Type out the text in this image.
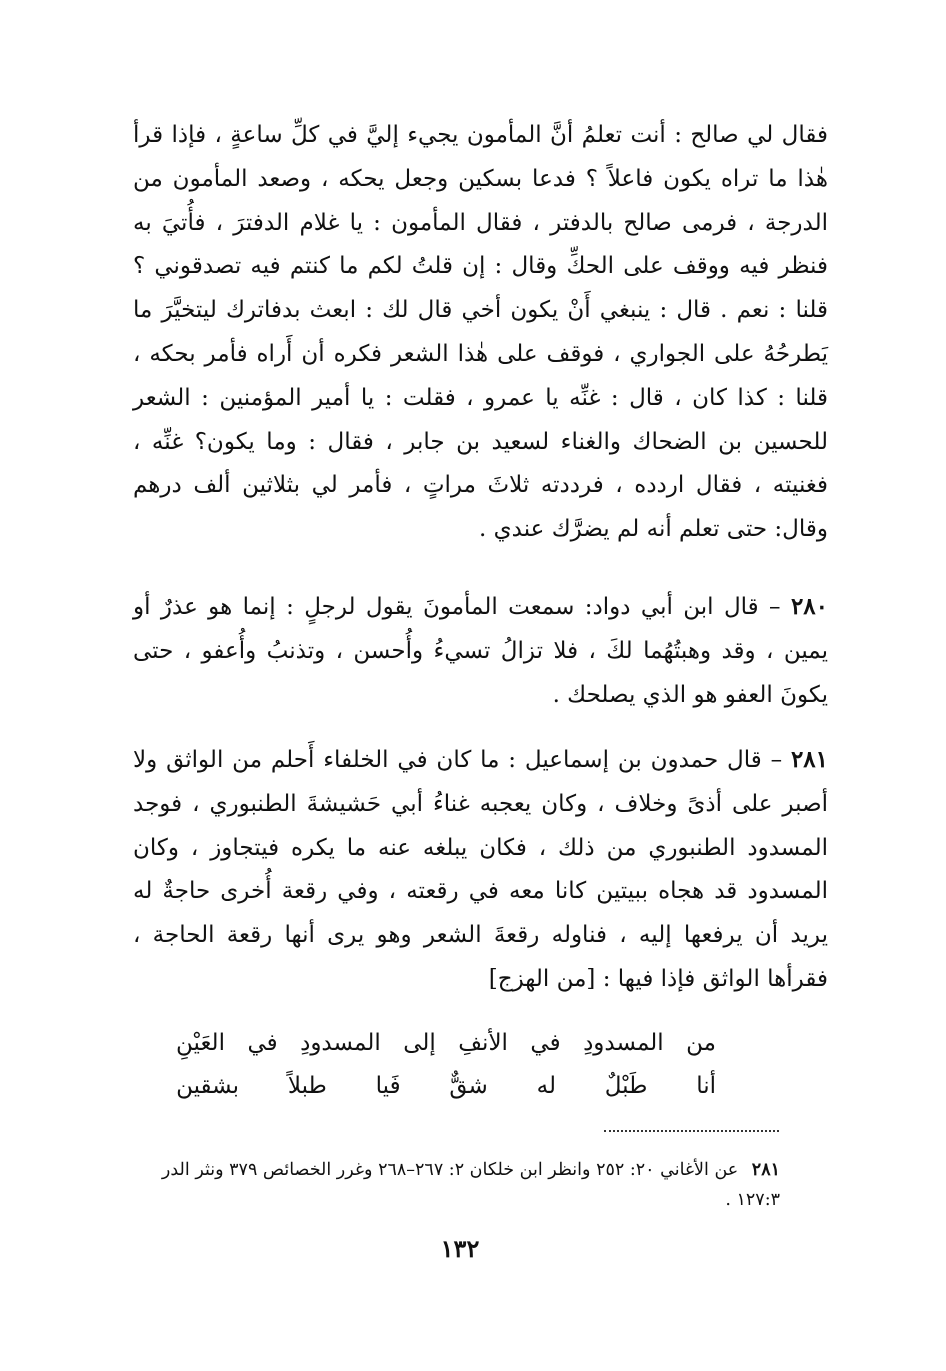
فقال لي صالح : أنت تعلمُ أنَّ المأمون يجيء إليَّ في كلِّ ساعةٍ ، فإذا قرأ هٰذا ما تراه يكون فاعلاً ؟ فدعا بسكين وجعل يحكه ، وصعد المأمون من الدرجة ، فرمى صالح بالدفتر ، فقال المأمون : يا غلام الدفترَ ، فأُتيَ به فنظر فيه ووقف على الحكِّ وقال : إن قلتُ لكم ما كنتم فيه تصدقوني ؟ قلنا : نعم . قال : ينبغي أَنْ يكون أخي قال لك : ابعث بدفاترك ليتخيَّرَ ما يَطرحُهُ على الجواري ، فوقف على هٰذا الشعر فكره أن أَراه فأمر بحكه ، قلنا : كذا كان ، قال : غنِّه يا عمرو ، فقلت : يا أمير المؤمنين : الشعر للحسين بن الضحاك والغناء لسعيد بن جابر ، فقال : وما يكون؟ غنِّه ، فغنيته ، فقال اردده ، فرددته ثلاثَ مراتٍ ، فأمر لي بثلاثين ألف درهم وقال: حتى تعلم أنه لم يضرَّك عندي .

٢٨٠ – قال ابن أبي دواد: سمعت المأمونَ يقول لرجلٍ : إنما هو عذرٌ أو يمين ، وقد وهبتُهُما لكَ ، فلا تزالُ تسيءُ وأُحسن ، وتذنبُ وأُعفو ، حتى يكونَ العفو هو الذي يصلحك .

٢٨١ – قال حمدون بن إسماعيل : ما كان في الخلفاء أَحلم من الواثق ولا أصبر على أذىً وخلاف ، وكان يعجبه غناءُ أبي حَشيشةَ الطنبوري ، فوجد المسدود الطنبوري من ذلك ، فكان يبلغه عنه ما يكره فيتجاوز ، وكان المسدود قد هجاه ببيتين كانا معه في رقعته ، وفي رقعة أُخرى حاجةٌ له يريد أن يرفعها إليه ، فناوله رقعةَ الشعر وهو يرى أنها رقعة الحاجة ، فقرأها الواثق فإذا فيها : [من الهزج]

من
المسدودِ
في
الأنفِ
إلى
المسدودِ
في
العَيْنِ
أنا
طَبْلٌ
له
شقٌّ
فَيا
طبلاً
بشقين
٢٨١ عن الأغاني ٢٠: ٢٥٢ وانظر ابن خلكان ٢: ٢٦٧–٢٦٨ وغرر الخصائص ٣٧٩ ونثر الدر ١٢٧:٣ .
١٣٢
